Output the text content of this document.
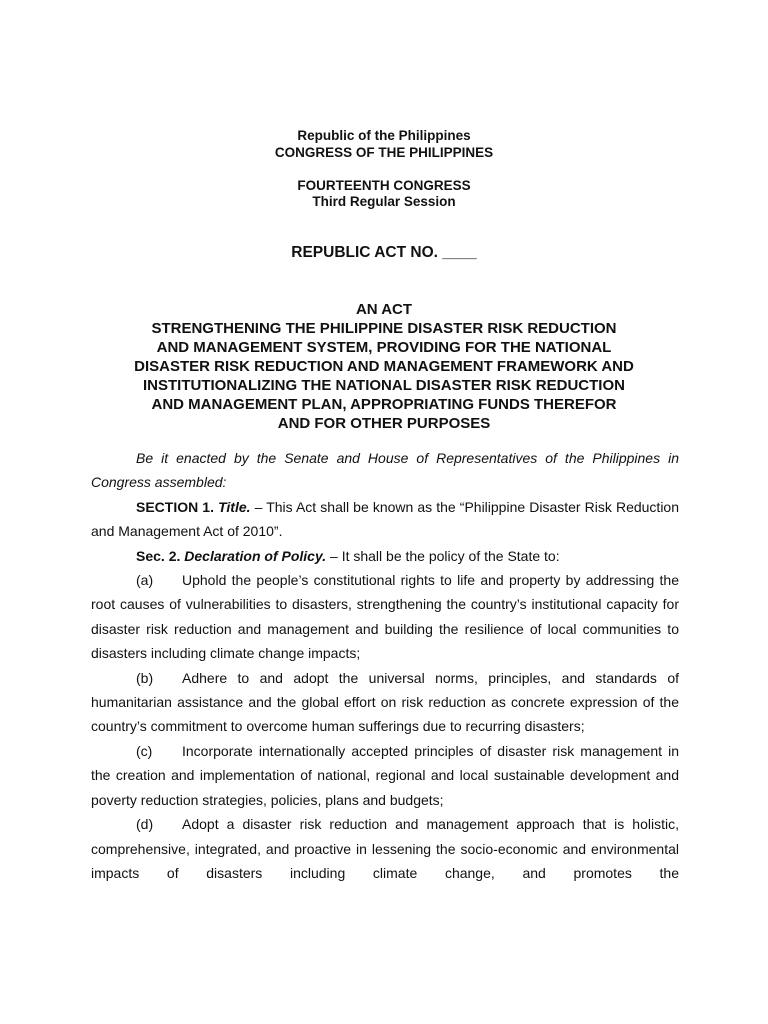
Republic of the Philippines
CONGRESS OF THE PHILIPPINES
FOURTEENTH CONGRESS
Third Regular Session
REPUBLIC ACT NO. ____
AN ACT
STRENGTHENING THE PHILIPPINE DISASTER RISK REDUCTION
AND MANAGEMENT SYSTEM, PROVIDING FOR THE NATIONAL
DISASTER RISK REDUCTION AND MANAGEMENT FRAMEWORK AND
INSTITUTIONALIZING THE NATIONAL DISASTER RISK REDUCTION
AND MANAGEMENT PLAN, APPROPRIATING FUNDS THEREFOR
AND FOR OTHER PURPOSES

Be it enacted by the Senate and House of Representatives of the Philippines in Congress assembled:

SECTION 1. Title. – This Act shall be known as the “Philippine Disaster Risk Reduction and Management Act of 2010”.

Sec. 2. Declaration of Policy. – It shall be the policy of the State to:

(a) Uphold the people’s constitutional rights to life and property by addressing the root causes of vulnerabilities to disasters, strengthening the country’s institutional capacity for disaster risk reduction and management and building the resilience of local communities to disasters including climate change impacts;

(b) Adhere to and adopt the universal norms, principles, and standards of humanitarian assistance and the global effort on risk reduction as concrete expression of the country’s commitment to overcome human sufferings due to recurring disasters;

(c) Incorporate internationally accepted principles of disaster risk management in the creation and implementation of national, regional and local sustainable development and poverty reduction strategies, policies, plans and budgets;

(d) Adopt a disaster risk reduction and management approach that is holistic, comprehensive, integrated, and proactive in lessening the socio-economic and environmental impacts of disasters including climate change, and promotes the
